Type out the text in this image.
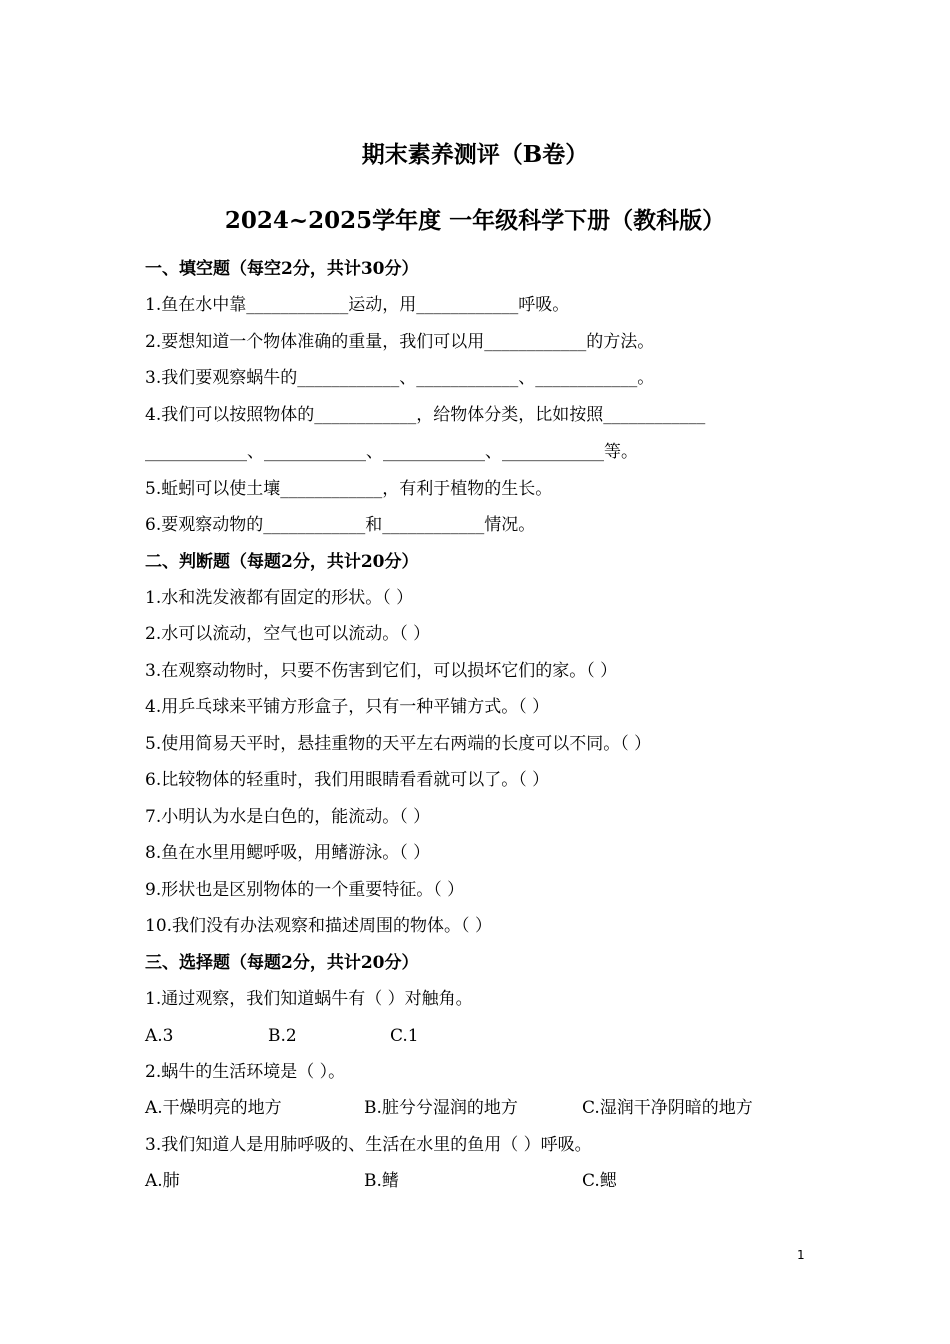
期末素养测评（B卷）
2024~2025学年度 一年级科学下册（教科版）
一、填空题（每空2分，共计30分）
1.鱼在水中靠____________运动，用____________呼吸。
2.要想知道一个物体准确的重量，我们可以用____________的方法。
3.我们要观察蜗牛的____________、____________、____________。
4.我们可以按照物体的____________，给物体分类，比如按照____________
____________、____________、____________、____________等。
5.蚯蚓可以使土壤____________，有利于植物的生长。
6.要观察动物的____________和____________情况。
二、判断题（每题2分，共计20分）
1.水和洗发液都有固定的形状。（ ）
2.水可以流动，空气也可以流动。（ ）
3.在观察动物时，只要不伤害到它们，可以损坏它们的家。（ ）
4.用乒乓球来平铺方形盒子，只有一种平铺方式。（ ）
5.使用简易天平时，悬挂重物的天平左右两端的长度可以不同。（ ）
6.比较物体的轻重时，我们用眼睛看看就可以了。（ ）
7.小明认为水是白色的，能流动。（ ）
8.鱼在水里用鳃呼吸，用鳍游泳。（ ）
9.形状也是区别物体的一个重要特征。（ ）
10.我们没有办法观察和描述周围的物体。（ ）
三、选择题（每题2分，共计20分）
1.通过观察，我们知道蜗牛有（ ）对触角。
A.3	B.2	C.1
2.蜗牛的生活环境是（ ）。
A.干燥明亮的地方	B.脏兮兮湿润的地方	C.湿润干净阴暗的地方
3.我们知道人是用肺呼吸的、生活在水里的鱼用（ ）呼吸。
A.肺	B.鳍	C.鳃
1
